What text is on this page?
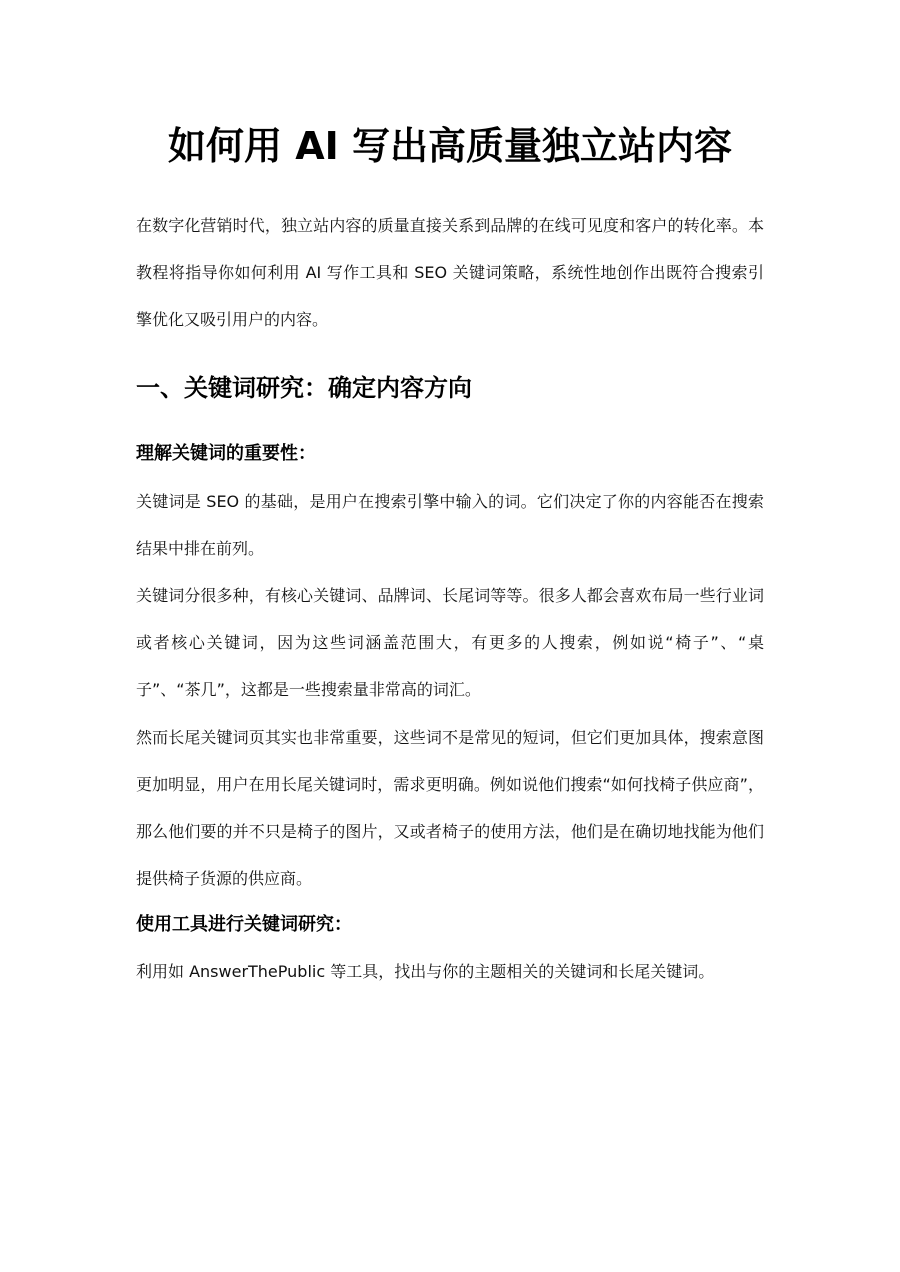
如何用 AI 写出高质量独立站内容

在数字化营销时代，独立站内容的质量直接关系到品牌的在线可见度和客户的转化率。本教程将指导你如何利用 AI 写作工具和 SEO 关键词策略，系统性地创作出既符合搜索引擎优化又吸引用户的内容。

一、关键词研究：确定内容方向
理解关键词的重要性：

关键词是 SEO 的基础，是用户在搜索引擎中输入的词。它们决定了你的内容能否在搜索结果中排在前列。

关键词分很多种，有核心关键词、品牌词、长尾词等等。很多人都会喜欢布局一些行业词或者核心关键词，因为这些词涵盖范围大，有更多的人搜索，例如说“椅子”、“桌子”、“茶几”，这都是一些搜索量非常高的词汇。

然而长尾关键词页其实也非常重要，这些词不是常见的短词，但它们更加具体，搜索意图更加明显，用户在用长尾关键词时，需求更明确。例如说他们搜索“如何找椅子供应商”，那么他们要的并不只是椅子的图片，又或者椅子的使用方法，他们是在确切地找能为他们提供椅子货源的供应商。

使用工具进行关键词研究：

利用如 AnswerThePublic 等工具，找出与你的主题相关的关键词和长尾关键词。
